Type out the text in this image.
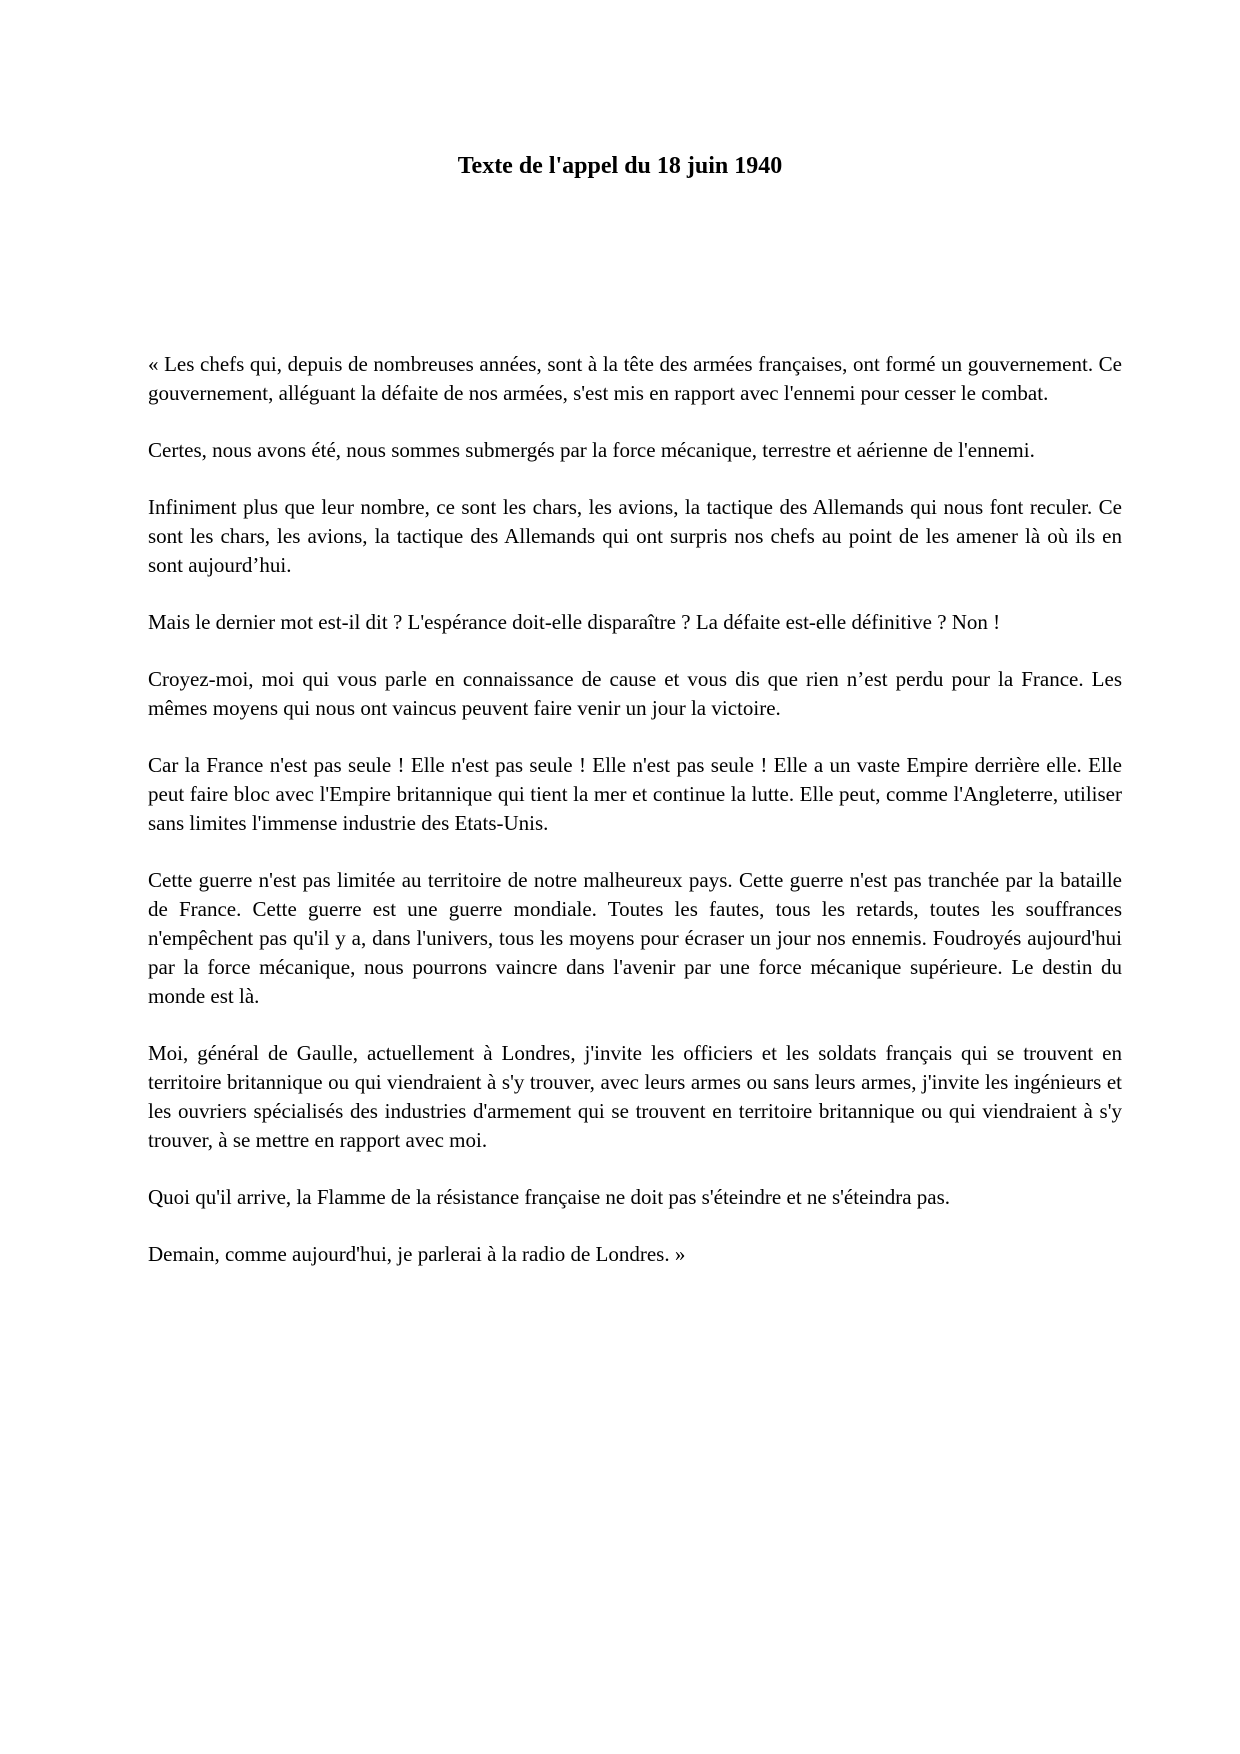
Texte de l'appel du 18 juin 1940

« Les chefs qui, depuis de nombreuses années, sont à la tête des armées françaises, ont formé un gouvernement. Ce gouvernement, alléguant la défaite de nos armées, s'est mis en rapport avec l'ennemi pour cesser le combat.

Certes, nous avons été, nous sommes submergés par la force mécanique, terrestre et aérienne de l'ennemi.

Infiniment plus que leur nombre, ce sont les chars, les avions, la tactique des Allemands qui nous font reculer. Ce sont les chars, les avions, la tactique des Allemands qui ont surpris nos chefs au point de les amener là où ils en sont aujourd’hui.

Mais le dernier mot est-il dit ? L'espérance doit-elle disparaître ? La défaite est-elle définitive ? Non !

Croyez-moi, moi qui vous parle en connaissance de cause et vous dis que rien n’est perdu pour la France. Les mêmes moyens qui nous ont vaincus peuvent faire venir un jour la victoire.

Car la France n'est pas seule ! Elle n'est pas seule ! Elle n'est pas seule ! Elle a un vaste Empire derrière elle. Elle peut faire bloc avec l'Empire britannique qui tient la mer et continue la lutte. Elle peut, comme l'Angleterre, utiliser sans limites l'immense industrie des Etats-Unis.

Cette guerre n'est pas limitée au territoire de notre malheureux pays. Cette guerre n'est pas tranchée par la bataille de France. Cette guerre est une guerre mondiale. Toutes les fautes, tous les retards, toutes les souffrances n'empêchent pas qu'il y a, dans l'univers, tous les moyens pour écraser un jour nos ennemis. Foudroyés aujourd'hui par la force mécanique, nous pourrons vaincre dans l'avenir par une force mécanique supérieure. Le destin du monde est là.

Moi, général de Gaulle, actuellement à Londres, j'invite les officiers et les soldats français qui se trouvent en territoire britannique ou qui viendraient à s'y trouver, avec leurs armes ou sans leurs armes, j'invite les ingénieurs et les ouvriers spécialisés des industries d'armement qui se trouvent en territoire britannique ou qui viendraient à s'y trouver, à se mettre en rapport avec moi.

Quoi qu'il arrive, la Flamme de la résistance française ne doit pas s'éteindre et ne s'éteindra pas.

Demain, comme aujourd'hui, je parlerai à la radio de Londres. »
